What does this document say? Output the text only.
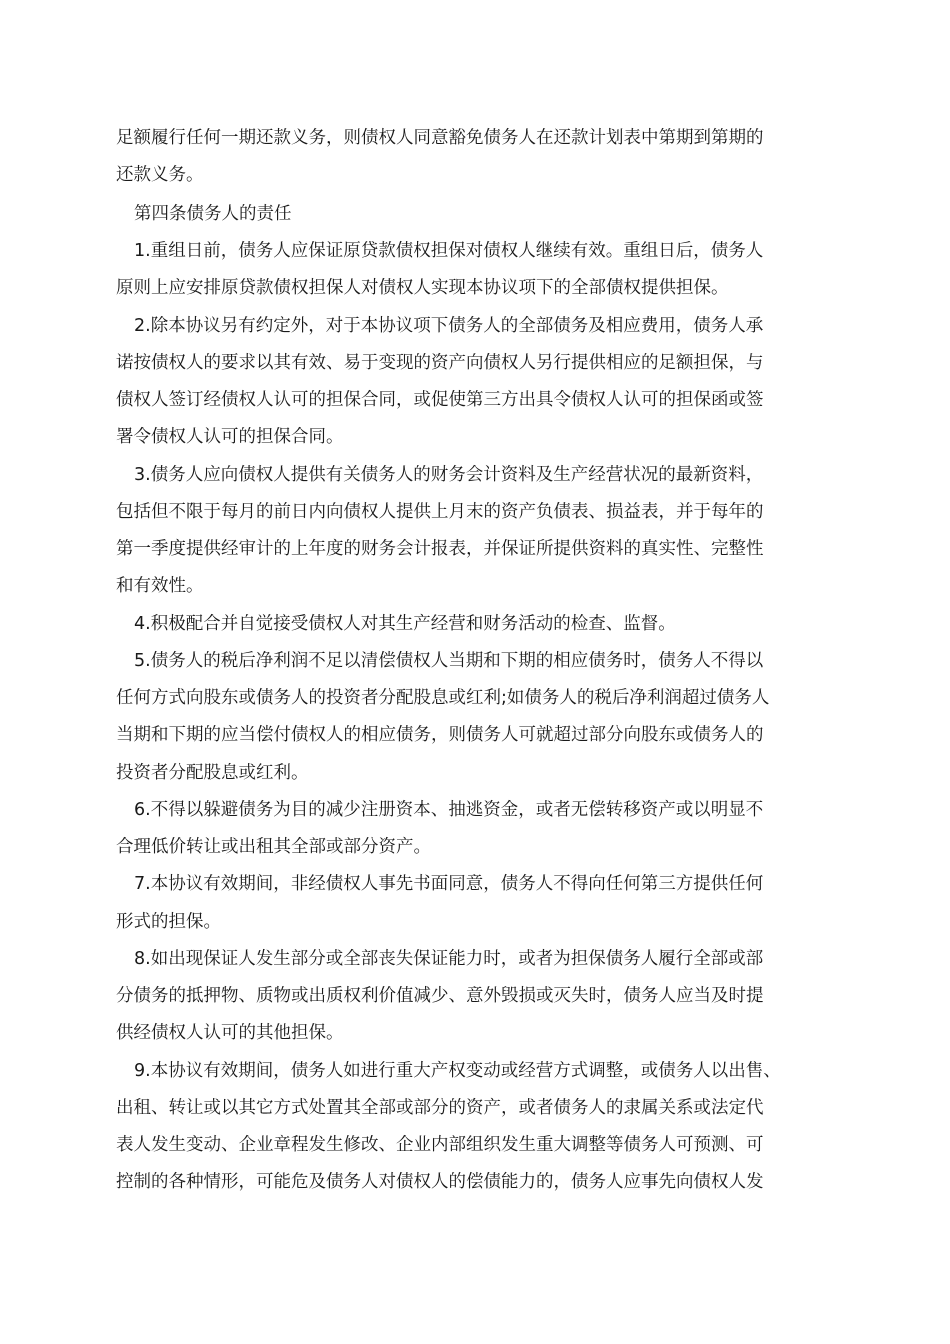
足额履行任何一期还款义务，则债权人同意豁免债务人在还款计划表中第期到第期的
还款义务。
第四条债务人的责任
1.重组日前，债务人应保证原贷款债权担保对债权人继续有效。重组日后，债务人
原则上应安排原贷款债权担保人对债权人实现本协议项下的全部债权提供担保。
2.除本协议另有约定外，对于本协议项下债务人的全部债务及相应费用，债务人承
诺按债权人的要求以其有效、易于变现的资产向债权人另行提供相应的足额担保，与
债权人签订经债权人认可的担保合同，或促使第三方出具令债权人认可的担保函或签
署令债权人认可的担保合同。
3.债务人应向债权人提供有关债务人的财务会计资料及生产经营状况的最新资料，
包括但不限于每月的前日内向债权人提供上月末的资产负债表、损益表，并于每年的
第一季度提供经审计的上年度的财务会计报表，并保证所提供资料的真实性、完整性
和有效性。
4.积极配合并自觉接受债权人对其生产经营和财务活动的检查、监督。
5.债务人的税后净利润不足以清偿债权人当期和下期的相应债务时，债务人不得以
任何方式向股东或债务人的投资者分配股息或红利;如债务人的税后净利润超过债务人
当期和下期的应当偿付债权人的相应债务，则债务人可就超过部分向股东或债务人的
投资者分配股息或红利。
6.不得以躲避债务为目的减少注册资本、抽逃资金，或者无偿转移资产或以明显不
合理低价转让或出租其全部或部分资产。
7.本协议有效期间，非经债权人事先书面同意，债务人不得向任何第三方提供任何
形式的担保。
8.如出现保证人发生部分或全部丧失保证能力时，或者为担保债务人履行全部或部
分债务的抵押物、质物或出质权利价值减少、意外毁损或灭失时，债务人应当及时提
供经债权人认可的其他担保。
9.本协议有效期间，债务人如进行重大产权变动或经营方式调整，或债务人以出售、
出租、转让或以其它方式处置其全部或部分的资产，或者债务人的隶属关系或法定代
表人发生变动、企业章程发生修改、企业内部组织发生重大调整等债务人可预测、可
控制的各种情形，可能危及债务人对债权人的偿债能力的，债务人应事先向债权人发
